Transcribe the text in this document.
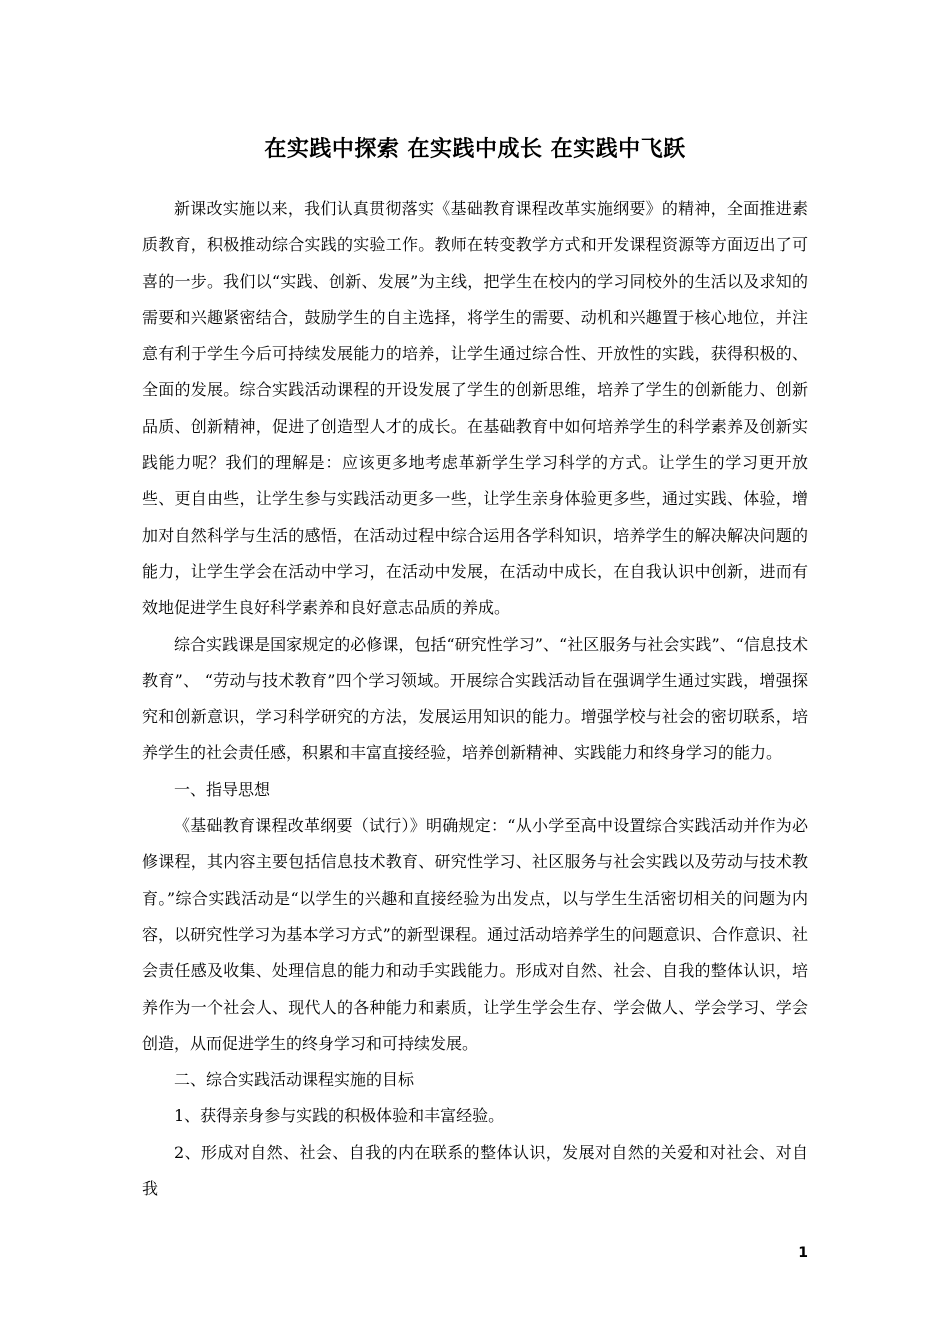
在实践中探索 在实践中成长 在实践中飞跃

新课改实施以来，我们认真贯彻落实《基础教育课程改革实施纲要》的精神，全面推进素质教育，积极推动综合实践的实验工作。教师在转变教学方式和开发课程资源等方面迈出了可喜的一步。我们以“实践、创新、发展”为主线，把学生在校内的学习同校外的生活以及求知的需要和兴趣紧密结合，鼓励学生的自主选择，将学生的需要、动机和兴趣置于核心地位，并注意有利于学生今后可持续发展能力的培养，让学生通过综合性、开放性的实践，获得积极的、全面的发展。综合实践活动课程的开设发展了学生的创新思维，培养了学生的创新能力、创新品质、创新精神，促进了创造型人才的成长。在基础教育中如何培养学生的科学素养及创新实践能力呢？我们的理解是：应该更多地考虑革新学生学习科学的方式。让学生的学习更开放些、更自由些，让学生参与实践活动更多一些，让学生亲身体验更多些，通过实践、体验，增加对自然科学与生活的感悟，在活动过程中综合运用各学科知识，培养学生的解决解决问题的能力，让学生学会在活动中学习，在活动中发展，在活动中成长，在自我认识中创新，进而有效地促进学生良好科学素养和良好意志品质的养成。

综合实践课是国家规定的必修课，包括“研究性学习”、“社区服务与社会实践”、“信息技术教育”、 “劳动与技术教育”四个学习领域。开展综合实践活动旨在强调学生通过实践，增强探究和创新意识，学习科学研究的方法，发展运用知识的能力。增强学校与社会的密切联系，培养学生的社会责任感，积累和丰富直接经验，培养创新精神、实践能力和终身学习的能力。

一、指导思想

《基础教育课程改革纲要（试行）》明确规定：“从小学至高中设置综合实践活动并作为必修课程，其内容主要包括信息技术教育、研究性学习、社区服务与社会实践以及劳动与技术教育。”综合实践活动是“以学生的兴趣和直接经验为出发点，以与学生生活密切相关的问题为内容，以研究性学习为基本学习方式”的新型课程。通过活动培养学生的问题意识、合作意识、社会责任感及收集、处理信息的能力和动手实践能力。形成对自然、社会、自我的整体认识，培养作为一个社会人、现代人的各种能力和素质，让学生学会生存、学会做人、学会学习、学会创造，从而促进学生的终身学习和可持续发展。

二、综合实践活动课程实施的目标

1、获得亲身参与实践的积极体验和丰富经验。

2、形成对自然、社会、自我的内在联系的整体认识，发展对自然的关爱和对社会、对自我

1
